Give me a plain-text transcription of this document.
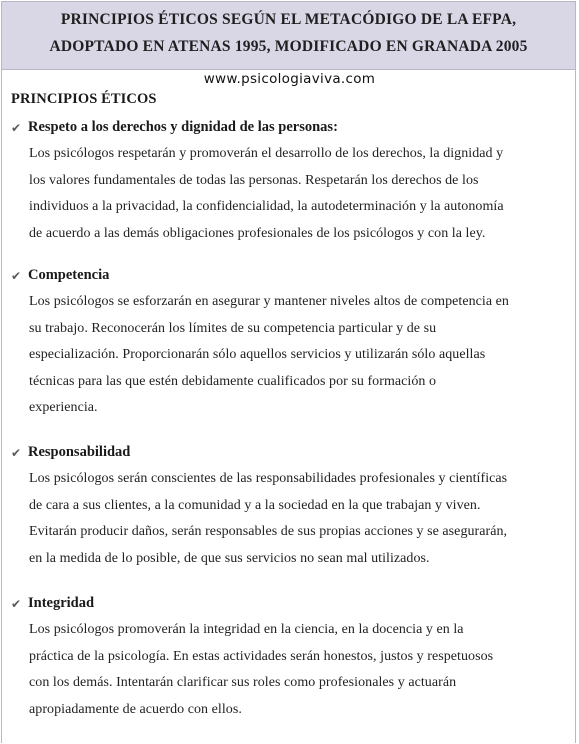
PRINCIPIOS ÉTICOS SEGÚN EL METACÓDIGO DE LA EFPA,
ADOPTADO EN ATENAS 1995, MODIFICADO EN GRANADA 2005
www.psicologiaviva.com
PRINCIPIOS ÉTICOS
✔ Respeto a los derechos y dignidad de las personas:
Los psicólogos respetarán y promoverán el desarrollo de los derechos, la dignidad y
los valores fundamentales de todas las personas. Respetarán los derechos de los
individuos a la privacidad, la confidencialidad, la autodeterminación y la autonomía
de acuerdo a las demás obligaciones profesionales de los psicólogos y con la ley.
✔ Competencia
Los psicólogos se esforzarán en asegurar y mantener niveles altos de competencia en
su trabajo. Reconocerán los límites de su competencia particular y de su
especialización. Proporcionarán sólo aquellos servicios y utilizarán sólo aquellas
técnicas para las que estén debidamente cualificados por su formación o
experiencia.
✔ Responsabilidad
Los psicólogos serán conscientes de las responsabilidades profesionales y científicas
de cara a sus clientes, a la comunidad y a la sociedad en la que trabajan y viven.
Evitarán producir daños, serán responsables de sus propias acciones y se asegurarán,
en la medida de lo posible, de que sus servicios no sean mal utilizados.
✔ Integridad
Los psicólogos promoverán la integridad en la ciencia, en la docencia y en la
práctica de la psicología. En estas actividades serán honestos, justos y respetuosos
con los demás. Intentarán clarificar sus roles como profesionales y actuarán
apropiadamente de acuerdo con ellos.
